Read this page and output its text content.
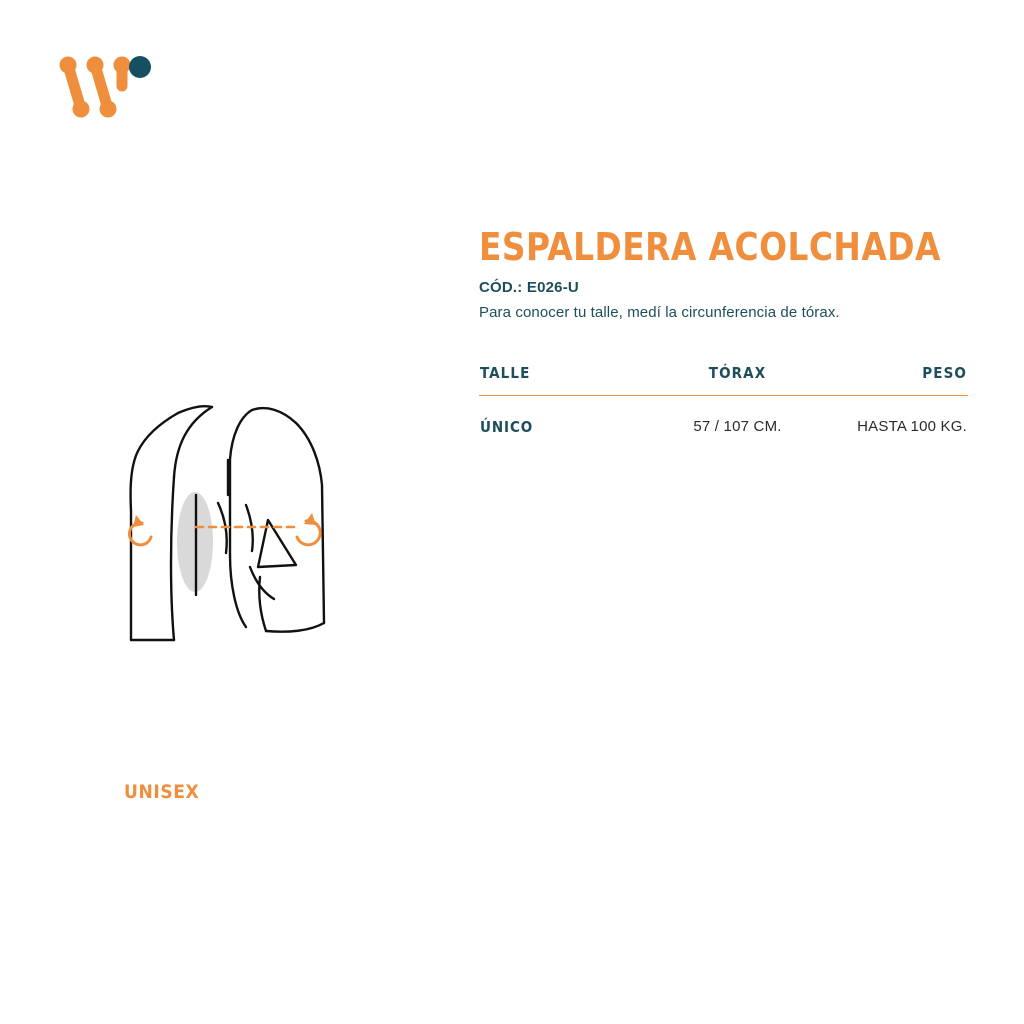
UNISEX
ESPALDERA ACOLCHADA
CÓD.: E026-U
Para conocer tu talle, medí la circunferencia de tórax.
TALLE	TÓRAX	PESO
ÚNICO	57 / 107 CM.	HASTA 100 KG.
